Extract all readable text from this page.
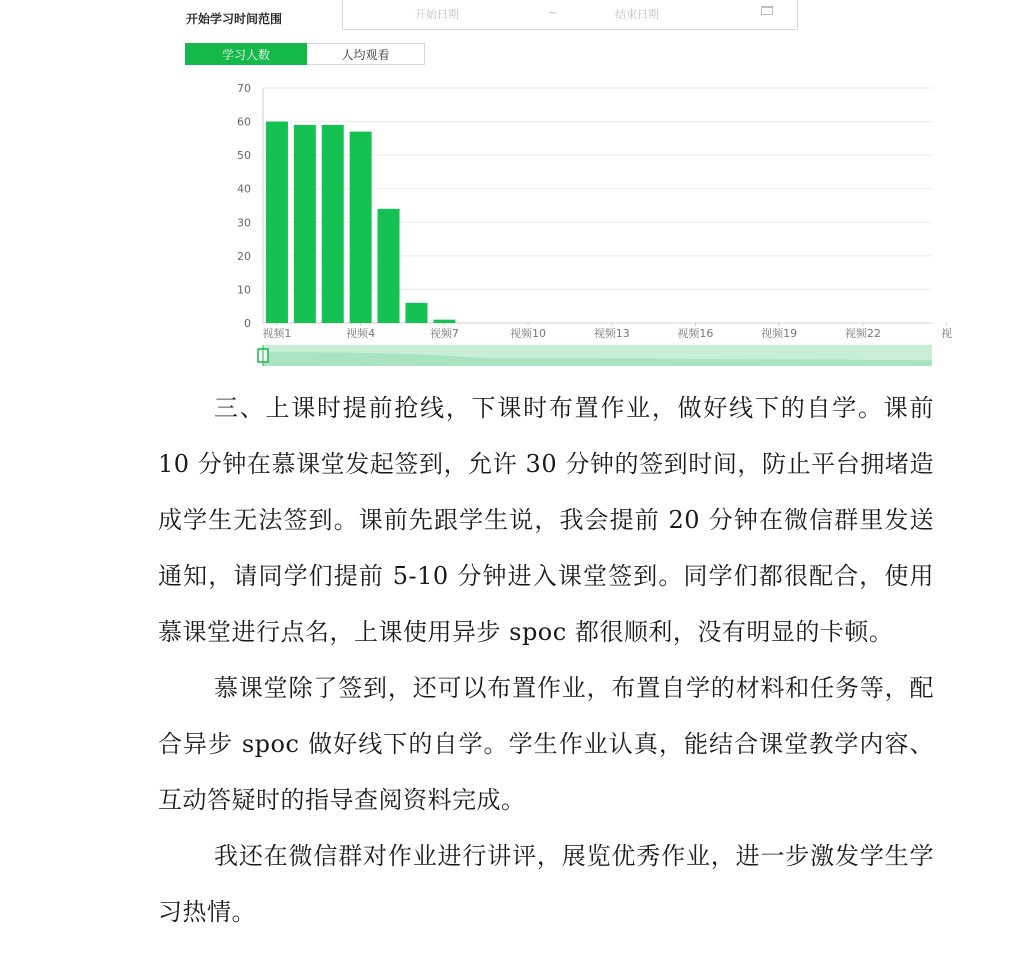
0
10
20
30
40
50
60
70
视频1	视频4	视频7	视频10	视频13	视频16	视频19	视频22	视
开始学习时间范围	开始日期	~	结束日期
学习人数	人均观看

三、上课时提前抢线，下课时布置作业，做好线下的自学。课前 10 分钟在慕课堂发起签到，允许 30 分钟的签到时间，防止平台拥堵造成学生无法签到。课前先跟学生说，我会提前 20 分钟在微信群里发送通知，请同学们提前 5-10 分钟进入课堂签到。同学们都很配合，使用慕课堂进行点名，上课使用异步 spoc 都很顺利，没有明显的卡顿。

慕课堂除了签到，还可以布置作业，布置自学的材料和任务等，配合异步 spoc 做好线下的自学。学生作业认真，能结合课堂教学内容、互动答疑时的指导查阅资料完成。

我还在微信群对作业进行讲评，展览优秀作业，进一步激发学生学习热情。
